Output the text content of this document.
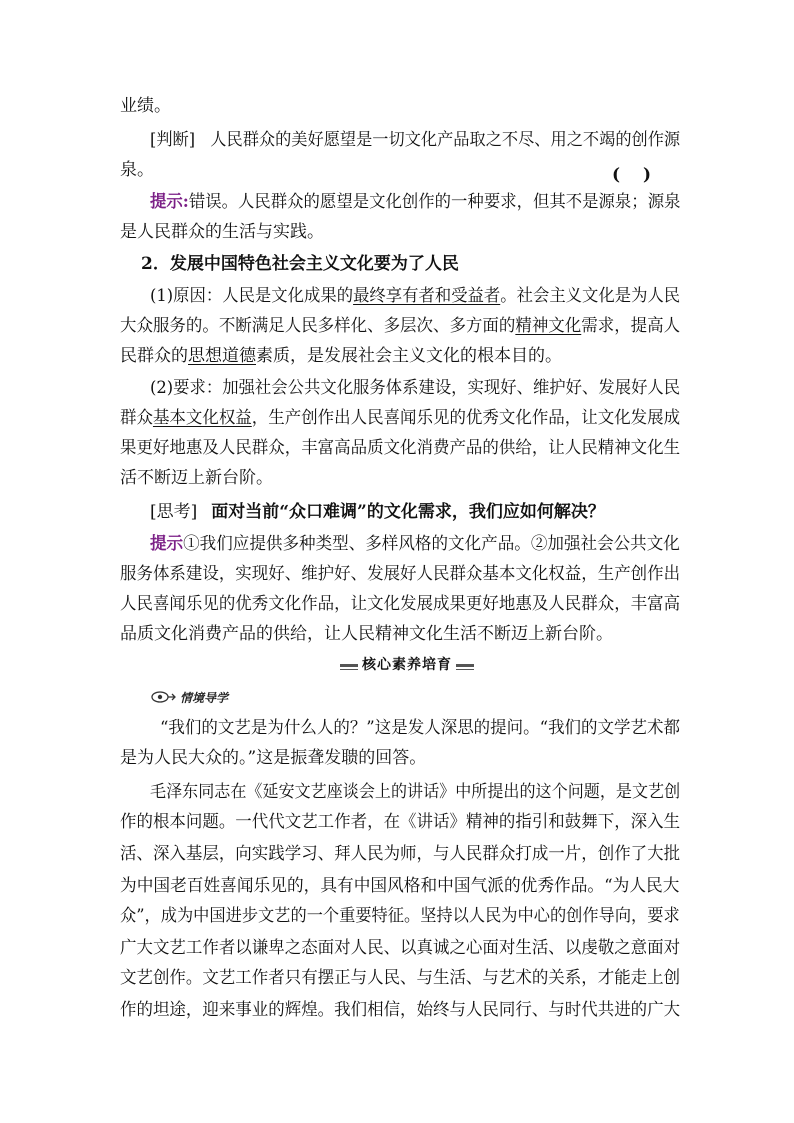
业绩。
[判断] 人民群众的美好愿望是一切文化产品取之不尽、用之不竭的创作源
泉。	(　 )
提示:错误。人民群众的愿望是文化创作的一种要求，但其不是源泉；源泉
是人民群众的生活与实践。
2．发展中国特色社会主义文化要为了人民
(1)原因：人民是文化成果的最终享有者和受益者。社会主义文化是为人民
大众服务的。不断满足人民多样化、多层次、多方面的精神文化需求，提高人
民群众的思想道德素质，是发展社会主义文化的根本目的。
(2)要求：加强社会公共文化服务体系建设，实现好、维护好、发展好人民
群众基本文化权益，生产创作出人民喜闻乐见的优秀文化作品，让文化发展成
果更好地惠及人民群众，丰富高品质文化消费产品的供给，让人民精神文化生
活不断迈上新台阶。
[思考] 面对当前“众口难调”的文化需求，我们应如何解决？
提示①我们应提供多种类型、多样风格的文化产品。②加强社会公共文化
服务体系建设，实现好、维护好、发展好人民群众基本文化权益，生产创作出
人民喜闻乐见的优秀文化作品，让文化发展成果更好地惠及人民群众，丰富高
品质文化消费产品的供给，让人民精神文化生活不断迈上新台阶。
核心素养培育
情境导学
“我们的文艺是为什么人的？”这是发人深思的提问。“我们的文学艺术都
是为人民大众的。”这是振聋发聩的回答。
毛泽东同志在《延安文艺座谈会上的讲话》中所提出的这个问题，是文艺创
作的根本问题。一代代文艺工作者，在《讲话》精神的指引和鼓舞下，深入生
活、深入基层，向实践学习、拜人民为师，与人民群众打成一片，创作了大批
为中国老百姓喜闻乐见的，具有中国风格和中国气派的优秀作品。“为人民大
众”，成为中国进步文艺的一个重要特征。坚持以人民为中心的创作导向，要求
广大文艺工作者以谦卑之态面对人民、以真诚之心面对生活、以虔敬之意面对
文艺创作。文艺工作者只有摆正与人民、与生活、与艺术的关系，才能走上创
作的坦途，迎来事业的辉煌。我们相信，始终与人民同行、与时代共进的广大
